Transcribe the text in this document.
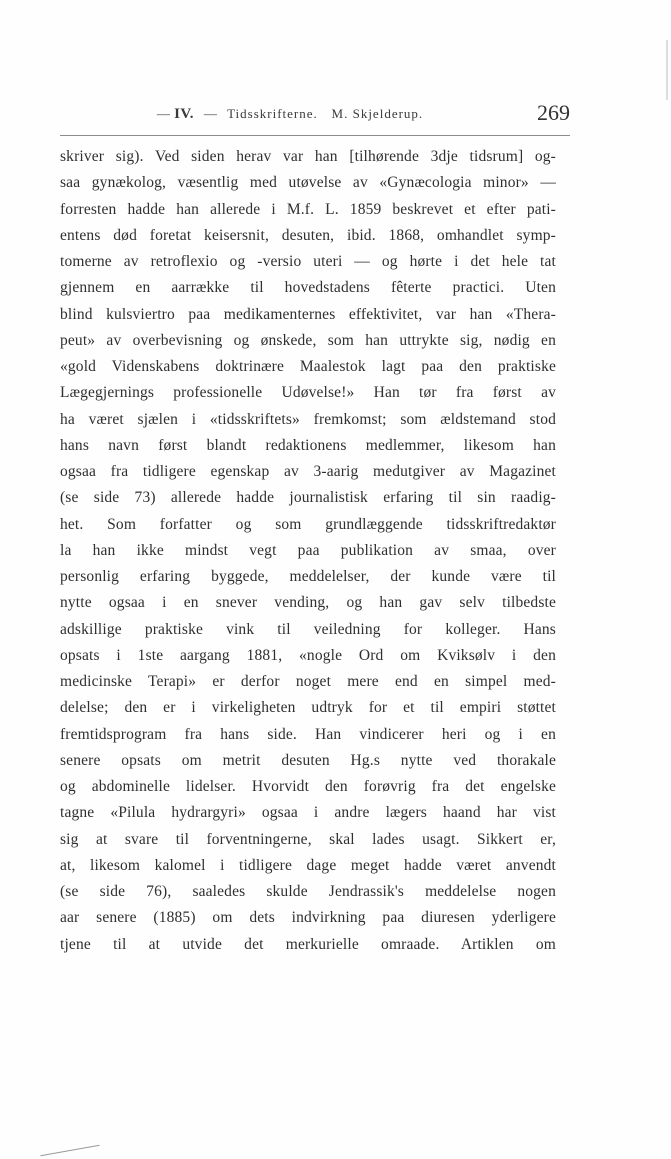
— IV. — Tidsskrifterne. M. Skjelderup.	269
skriver sig). Ved siden herav var han [tilhørende 3dje tidsrum] og-
saa gynækolog, væsentlig med utøvelse av «Gynæcologia minor» —
forresten hadde han allerede i M.f. L. 1859 beskrevet et efter pati-
entens død foretat keisersnit, desuten, ibid. 1868, omhandlet symp-
tomerne av retroflexio og -versio uteri — og hørte i det hele tat
gjennem en aarrække til hovedstadens fêterte practici. Uten
blind kulsviertro paa medikamenternes effektivitet, var han «Thera-
peut» av overbevisning og ønskede, som han uttrykte sig, nødig en
«gold Videnskabens doktrinære Maalestok lagt paa den praktiske
Lægegjernings professionelle Udøvelse!» Han tør fra først av
ha været sjælen i «tidsskriftets» fremkomst; som ældstemand stod
hans navn først blandt redaktionens medlemmer, likesom han
ogsaa fra tidligere egenskap av 3-aarig medutgiver av Magazinet
(se side 73) allerede hadde journalistisk erfaring til sin raadig-
het. Som forfatter og som grundlæggende tidsskriftredaktør
la han ikke mindst vegt paa publikation av smaa, over
personlig erfaring byggede, meddelelser, der kunde være til
nytte ogsaa i en snever vending, og han gav selv tilbedste
adskillige praktiske vink til veiledning for kolleger. Hans
opsats i 1ste aargang 1881, «nogle Ord om Kviksølv i den
medicinske Terapi» er derfor noget mere end en simpel med-
delelse; den er i virkeligheten udtryk for et til empiri støttet
fremtidsprogram fra hans side. Han vindicerer heri og i en
senere opsats om metrit desuten Hg.s nytte ved thorakale
og abdominelle lidelser. Hvorvidt den forøvrig fra det engelske
tagne «Pilula hydrargyri» ogsaa i andre lægers haand har vist
sig at svare til forventningerne, skal lades usagt. Sikkert er,
at, likesom kalomel i tidligere dage meget hadde været anvendt
(se side 76), saaledes skulde Jendrassik's meddelelse nogen
aar senere (1885) om dets indvirkning paa diuresen yderligere
tjene til at utvide det merkurielle omraade. Artiklen om
